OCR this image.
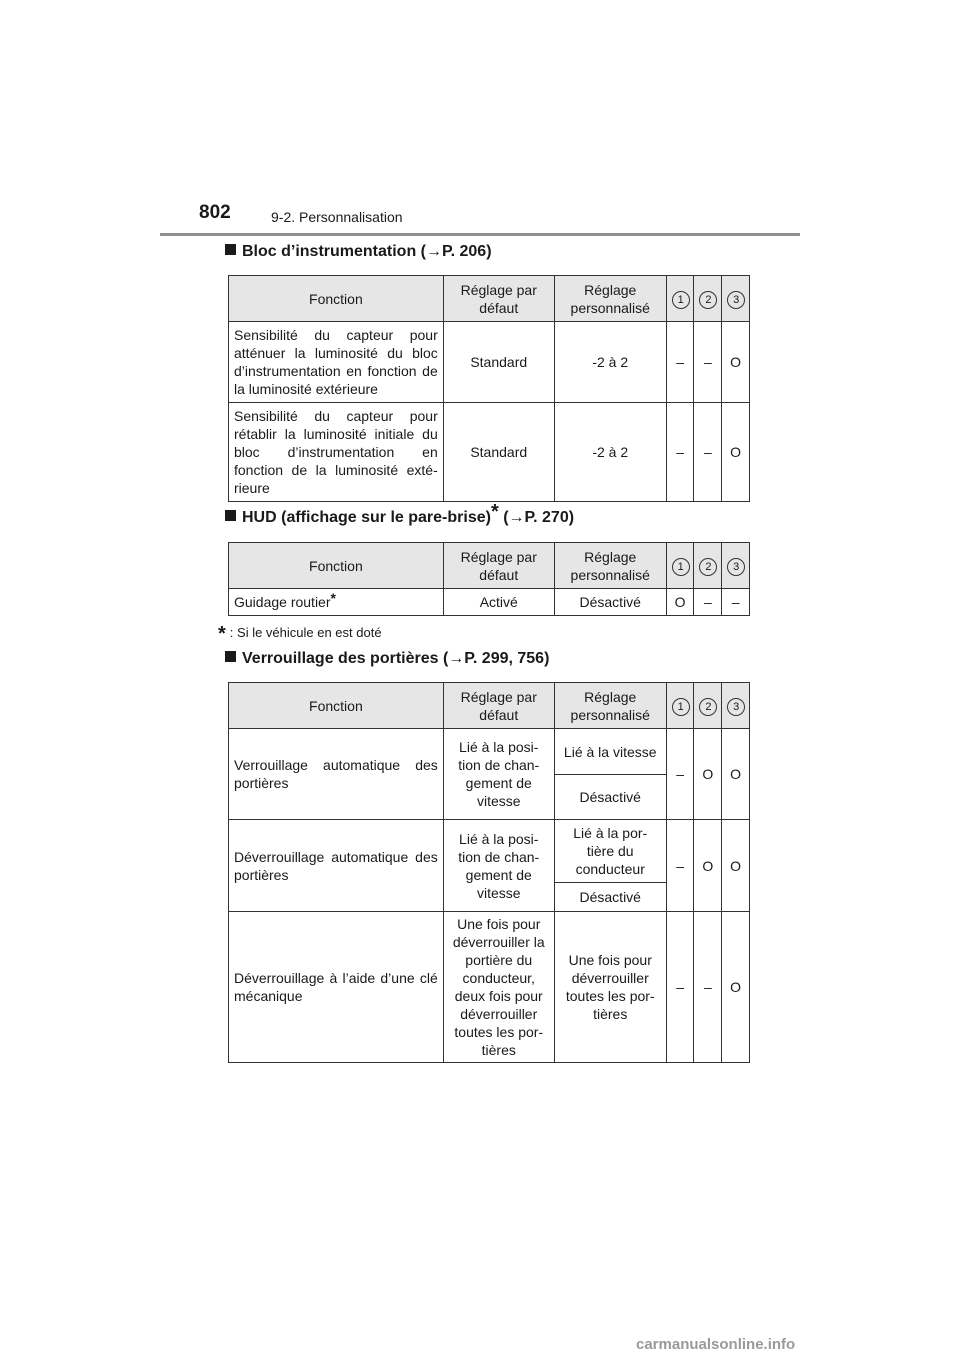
802	9-2. Personnalisation
Bloc d’instrumentation (→P. 206)
Fonction	Réglage par défaut	Réglage personnalisé	1	2	3
Sensibilité du capteur pour atténuer la luminosité du bloc d’instrumentation en fonction de la luminosité extérieure	Standard	-2 à 2	–	–	O
Sensibilité du capteur pour rétablir la luminosité initiale du bloc d’instrumentation en fonction de la luminosité exté-rieure	Standard	-2 à 2	–	–	O
HUD (affichage sur le pare-brise)* (→P. 270)
Fonction	Réglage par défaut	Réglage personnalisé	1	2	3
Guidage routier*	Activé	Désactivé	O	–	–
* : Si le véhicule en est doté
Verrouillage des portières (→P. 299, 756)
Fonction	Réglage par défaut	Réglage personnalisé	1	2	3
Verrouillage automatique des portières	Lié à la posi-tion de chan-gement de vitesse	Lié à la vitesse	–	O	O
		Désactivé			
Déverrouillage automatique des portières	Lié à la posi-tion de chan-gement de vitesse	Lié à la por-tière du conducteur	–	O	O
		Désactivé			
Déverrouillage à l’aide d’une clé mécanique	Une fois pour déverrouiller la portière du conducteur, deux fois pour déverrouiller toutes les por-tières	Une fois pour déverrouiller toutes les por-tières	–	–	O
carmanualsonline.info
